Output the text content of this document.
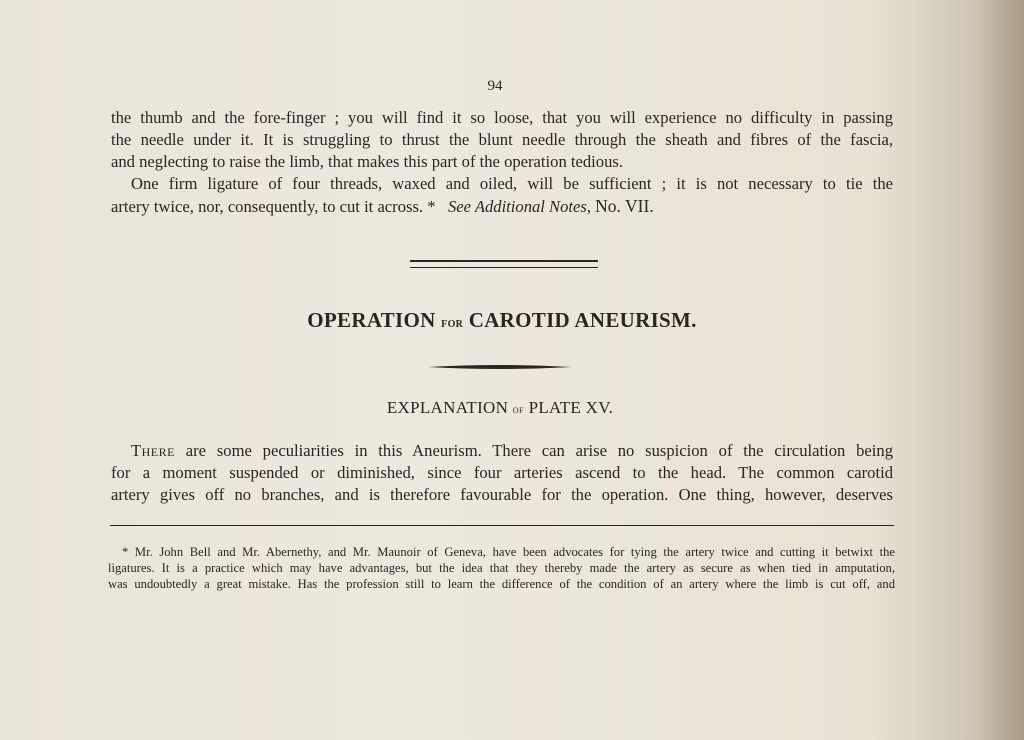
94
the thumb and the fore-finger ; you will find it so loose, that you will experience no difficulty in passing
the needle under it. It is struggling to thrust the blunt needle through the sheath and fibres of the fascia,
and neglecting to raise the limb, that makes this part of the operation tedious.
One firm ligature of four threads, waxed and oiled, will be sufficient ; it is not necessary to tie the
artery twice, nor, consequently, to cut it across. * See Additional Notes, No. VII.
OPERATION for CAROTID ANEURISM.
EXPLANATION of PLATE XV.
There are some peculiarities in this Aneurism. There can arise no suspicion of the circulation being
for a moment suspended or diminished, since four arteries ascend to the head. The common carotid
artery gives off no branches, and is therefore favourable for the operation. One thing, however, deserves
* Mr. John Bell and Mr. Abernethy, and Mr. Maunoir of Geneva, have been advocates for tying the artery twice and cutting it betwixt the
ligatures. It is a practice which may have advantages, but the idea that they thereby made the artery as secure as when tied in amputation,
was undoubtedly a great mistake. Has the profession still to learn the difference of the condition of an artery where the limb is cut off, and
